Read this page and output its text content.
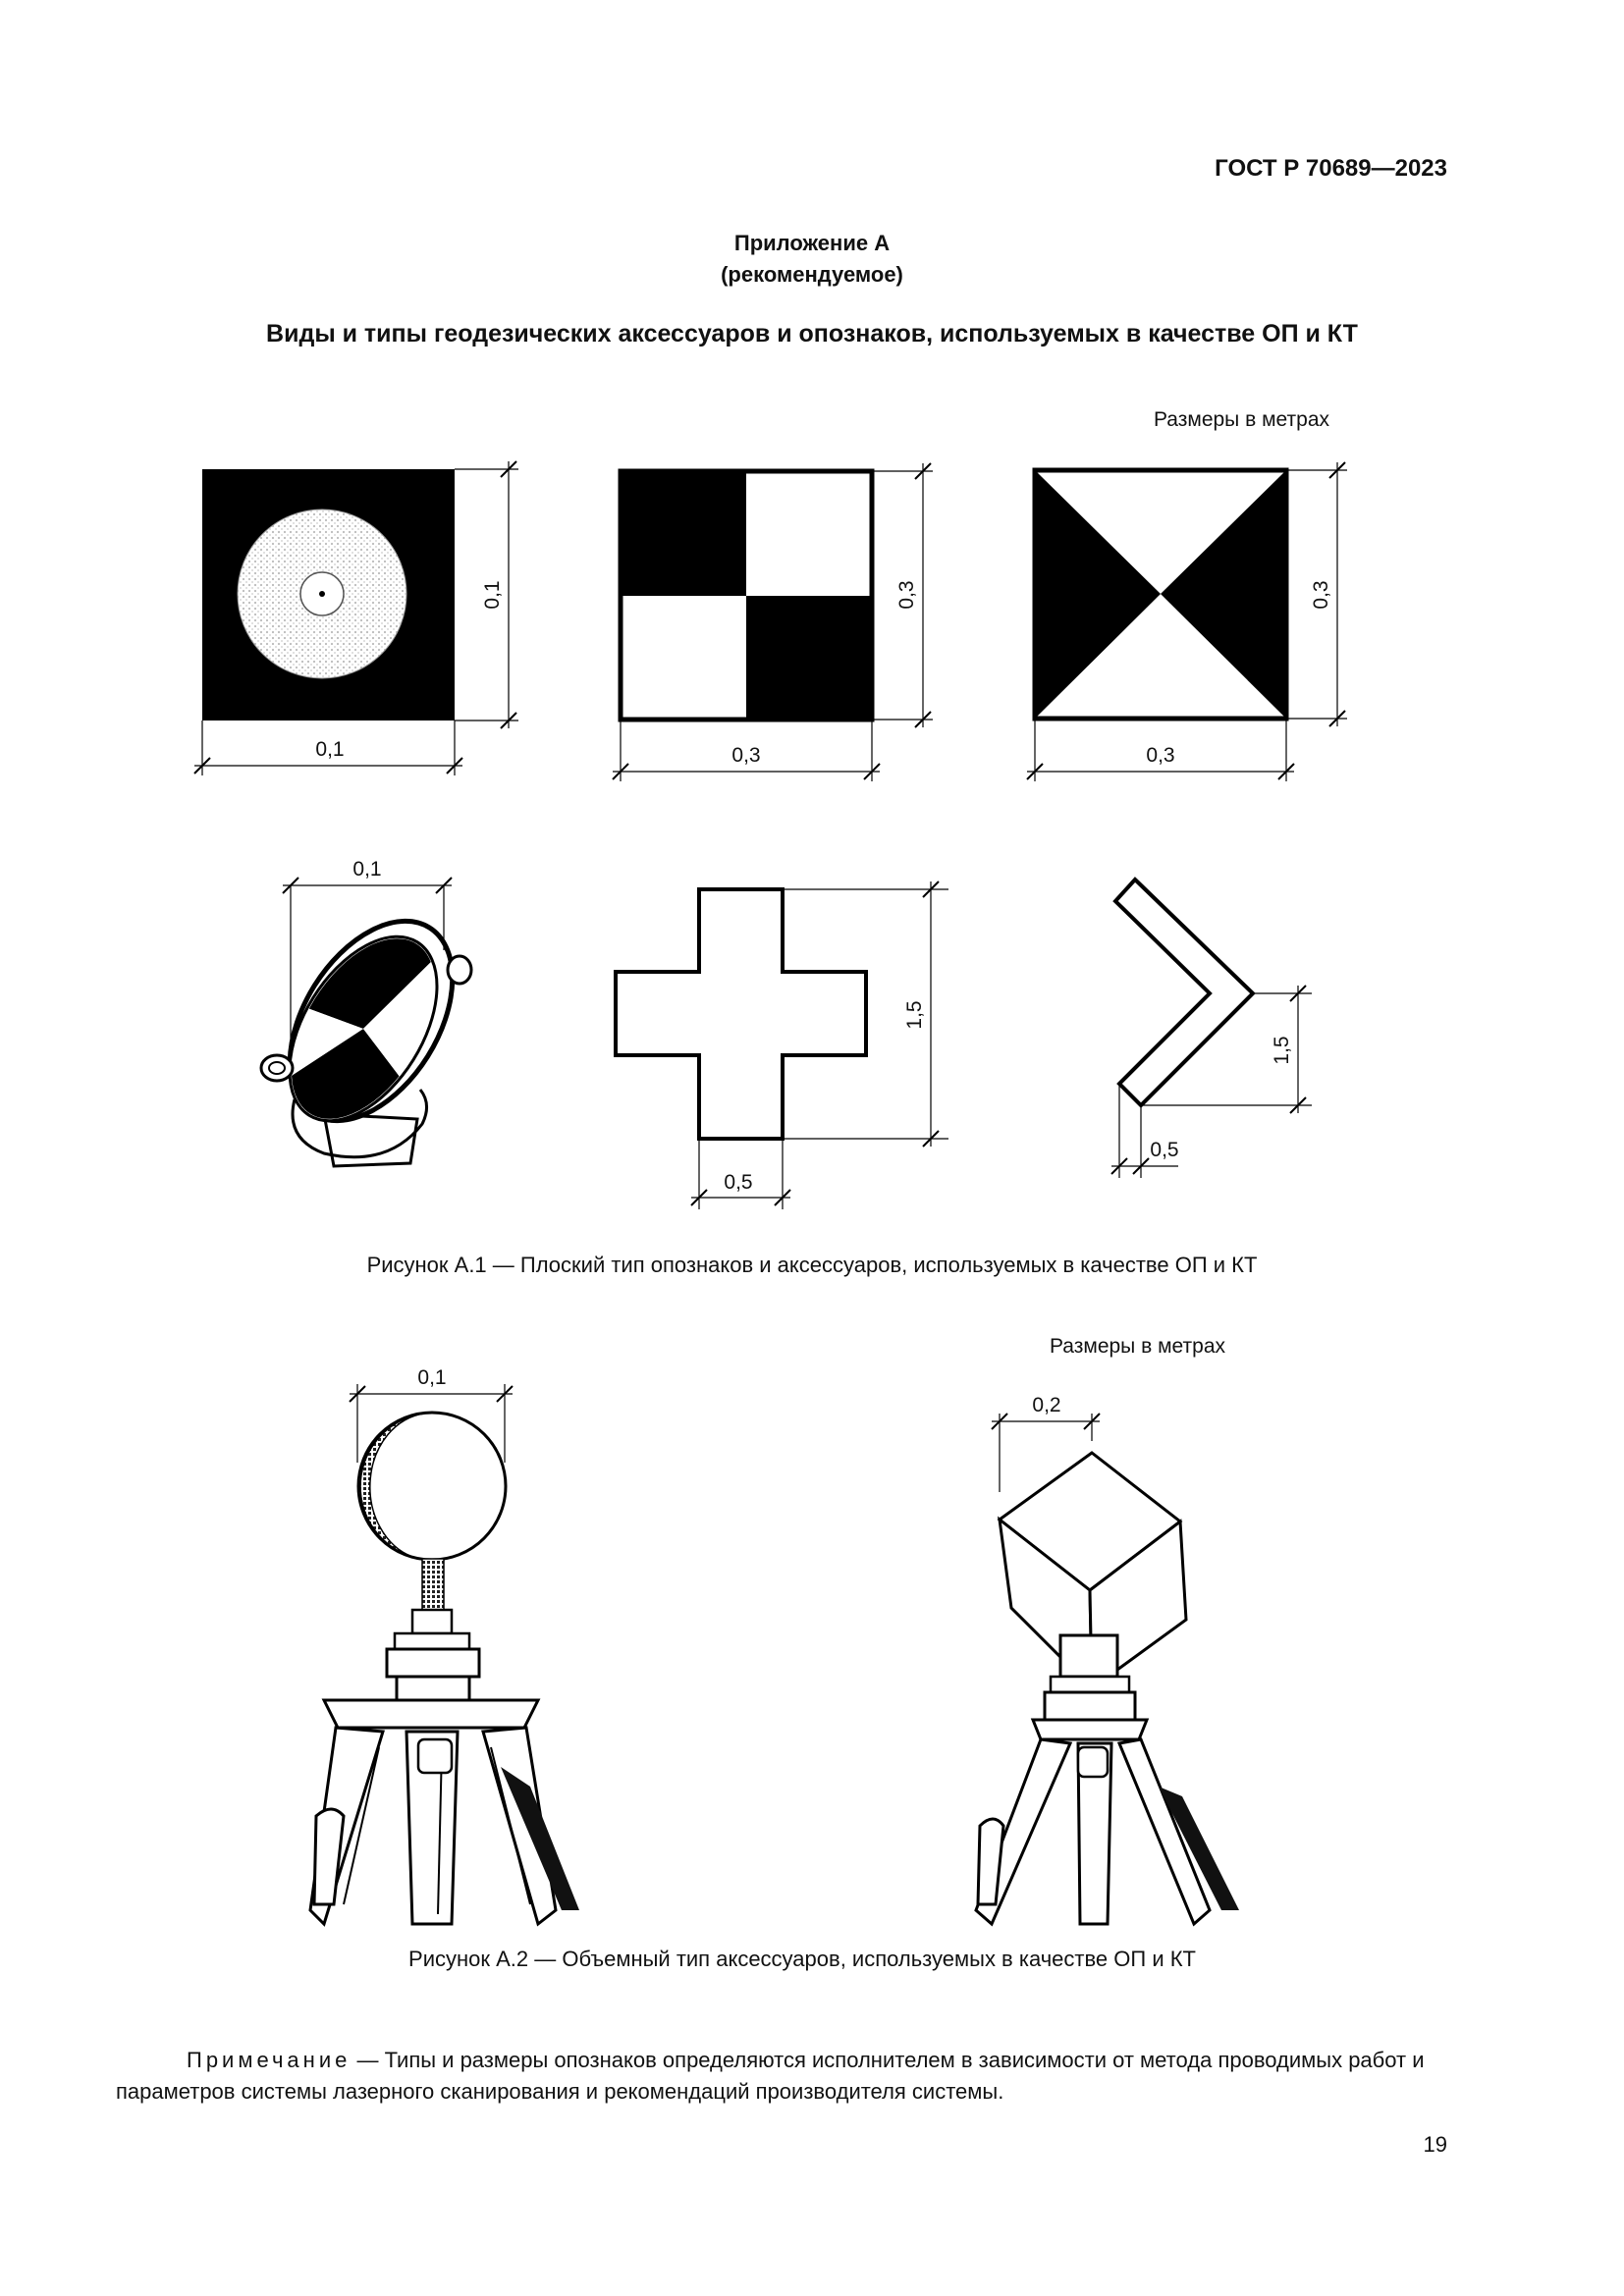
ГОСТ Р 70689—2023
Приложение А
(рекомендуемое)
Виды и типы геодезических аксессуаров и опознаков, используемых в качестве ОП и КТ
Размеры в метрах
0,1
0,1
0,3
0,3
0,3
0,3
0,1
1,5
0,5
1,5
0,5
Рисунок А.1 — Плоский тип опознаков и аксессуаров, используемых в качестве ОП и КТ
Размеры в метрах
0,1
0,2
Рисунок А.2 — Объемный тип аксессуаров, используемых в качестве ОП и КТ
Примечание — Типы и размеры опознаков определяются исполнителем в зависимости от метода проводимых работ и параметров системы лазерного сканирования и рекомендаций производителя системы.
19
